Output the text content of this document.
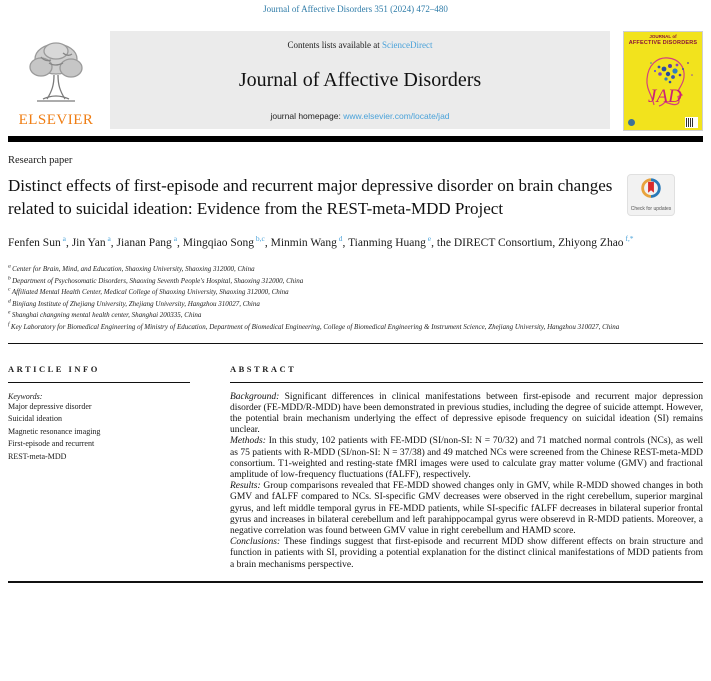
Journal of Affective Disorders 351 (2024) 472–480
ELSEVIER
Contents lists available at ScienceDirect
Journal of Affective Disorders
journal homepage: www.elsevier.com/locate/jad
JOURNAL of
AFFECTIVE DISORDERS
JAD
Research paper
Distinct effects of first-episode and recurrent major depressive disorder on brain changes related to suicidal ideation: Evidence from the REST-meta-MDD Project	Check for updates
Fenfen Sun $^a$, Jin Yan $^a$, Jianan Pang $^a$, Mingqiao Song $^{b,c}$, Minmin Wang $^d$, Tianming Huang $^e$, the DIRECT Consortium, Zhiyong Zhao $^{f,*}$
$^a$ Center for Brain, Mind, and Education, Shaoxing University, Shaoxing 312000, China
$^b$ Department of Psychosomatic Disorders, Shaoxing Seventh People's Hospital, Shaoxing 312000, China
$^c$ Affiliated Mental Health Center, Medical College of Shaoxing University, Shaoxing 312000, China
$^d$ Binjiang Institute of Zhejiang University, Zhejiang University, Hangzhou 310027, China
$^e$ Shanghai changning mental health center, Shanghai 200335, China
$^f$ Key Laboratory for Biomedical Engineering of Ministry of Education, Department of Biomedical Engineering, College of Biomedical Engineering & Instrument Science, Zhejiang University, Hangzhou 310027, China
ARTICLE INFO
Keywords:
Major depressive disorder
Suicidal ideation
Magnetic resonance imaging
First-episode and recurrent
REST-meta-MDD
ABSTRACT

Background: Significant differences in clinical manifestations between first-episode and recurrent major depression disorder (FE-MDD/R-MDD) have been demonstrated in previous studies, including the degree of suicide attempt. However, the potential brain mechanism underlying the effect of depressive episode frequency on suicidal ideation (SI) remains unclear.

Methods: In this study, 102 patients with FE-MDD (SI/non-SI: N = 70/32) and 71 matched normal controls (NCs), as well as 75 patients with R-MDD (SI/non-SI: N = 37/38) and 49 matched NCs were screened from the Chinese REST-meta-MDD consortium. T1-weighted and resting-state fMRI images were used to calculate gray matter volume (GMV) and fractional amplitude of low-frequency fluctuations (fALFF), respectively.

Results: Group comparisons revealed that FE-MDD showed changes only in GMV, while R-MDD showed changes in both GMV and fALFF compared to NCs. SI-specific GMV decreases were observed in the right cerebellum, superior marginal gyrus, and left middle temporal gyrus in FE-MDD patients, while SI-specific fALFF decreases in bilateral superior frontal gyrus and increases in bilateral cerebellum and left parahippocampal gyrus were obserevd in R-MDD patients. Moreover, a negative correlation was found between GMV value in right cerebellum and HAMD score.

Conclusions: These findings suggest that first-episode and recurrent MDD show different effects on brain structure and function in patients with SI, providing a potential explanation for the distinct clinical manifestations of MDD patients from a brain mechanisms perspective.
